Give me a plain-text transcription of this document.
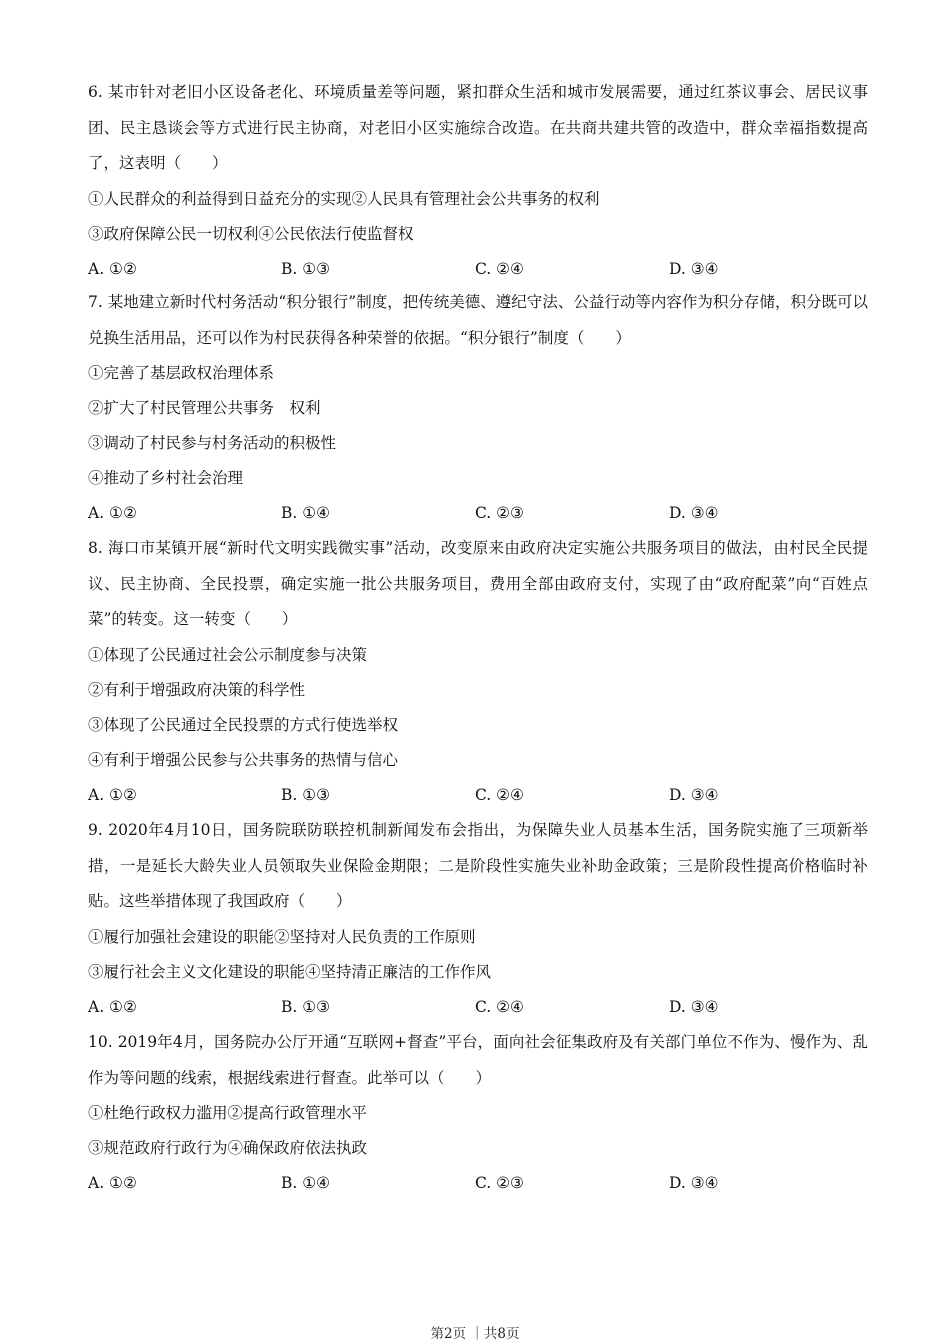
6. 某市针对老旧小区设备老化、环境质量差等问题，紧扣群众生活和城市发展需要，通过红茶议事会、居民议事团、民主恳谈会等方式进行民主协商，对老旧小区实施综合改造。在共商共建共管的改造中，群众幸福指数提高了，这表明（　　）
①人民群众的利益得到日益充分的实现②人民具有管理社会公共事务的权利
③政府保障公民一切权利④公民依法行使监督权
A. ①②	B. ①③	C. ②④	D. ③④
7. 某地建立新时代村务活动“积分银行”制度，把传统美德、遵纪守法、公益行动等内容作为积分存储，积分既可以兑换生活用品，还可以作为村民获得各种荣誉的依据。“积分银行”制度（　　）
①完善了基层政权治理体系
②扩大了村民管理公共事务　权利
③调动了村民参与村务活动的积极性
④推动了乡村社会治理
A. ①②	B. ①④	C. ②③	D. ③④
8. 海口市某镇开展“新时代文明实践微实事”活动，改变原来由政府决定实施公共服务项目的做法，由村民全民提议、民主协商、全民投票，确定实施一批公共服务项目，费用全部由政府支付，实现了由“政府配菜”向“百姓点菜”的转变。这一转变（　　）
①体现了公民通过社会公示制度参与决策
②有利于增强政府决策的科学性
③体现了公民通过全民投票的方式行使选举权
④有利于增强公民参与公共事务的热情与信心
A. ①②	B. ①③	C. ②④	D. ③④
9. 2020年4月10日，国务院联防联控机制新闻发布会指出，为保障失业人员基本生活，国务院实施了三项新举措，一是延长大龄失业人员领取失业保险金期限；二是阶段性实施失业补助金政策；三是阶段性提高价格临时补贴。这些举措体现了我国政府（　　）
①履行加强社会建设的职能②坚持对人民负责的工作原则
③履行社会主义文化建设的职能④坚持清正廉洁的工作作风
A. ①②	B. ①③	C. ②④	D. ③④
10. 2019年4月，国务院办公厅开通“互联网+督查”平台，面向社会征集政府及有关部门单位不作为、慢作为、乱作为等问题的线索，根据线索进行督查。此举可以（　　）
①杜绝行政权力滥用②提高行政管理水平
③规范政府行政行为④确保政府依法执政
A. ①②	B. ①④	C. ②③	D. ③④
第2页 ｜共8页
